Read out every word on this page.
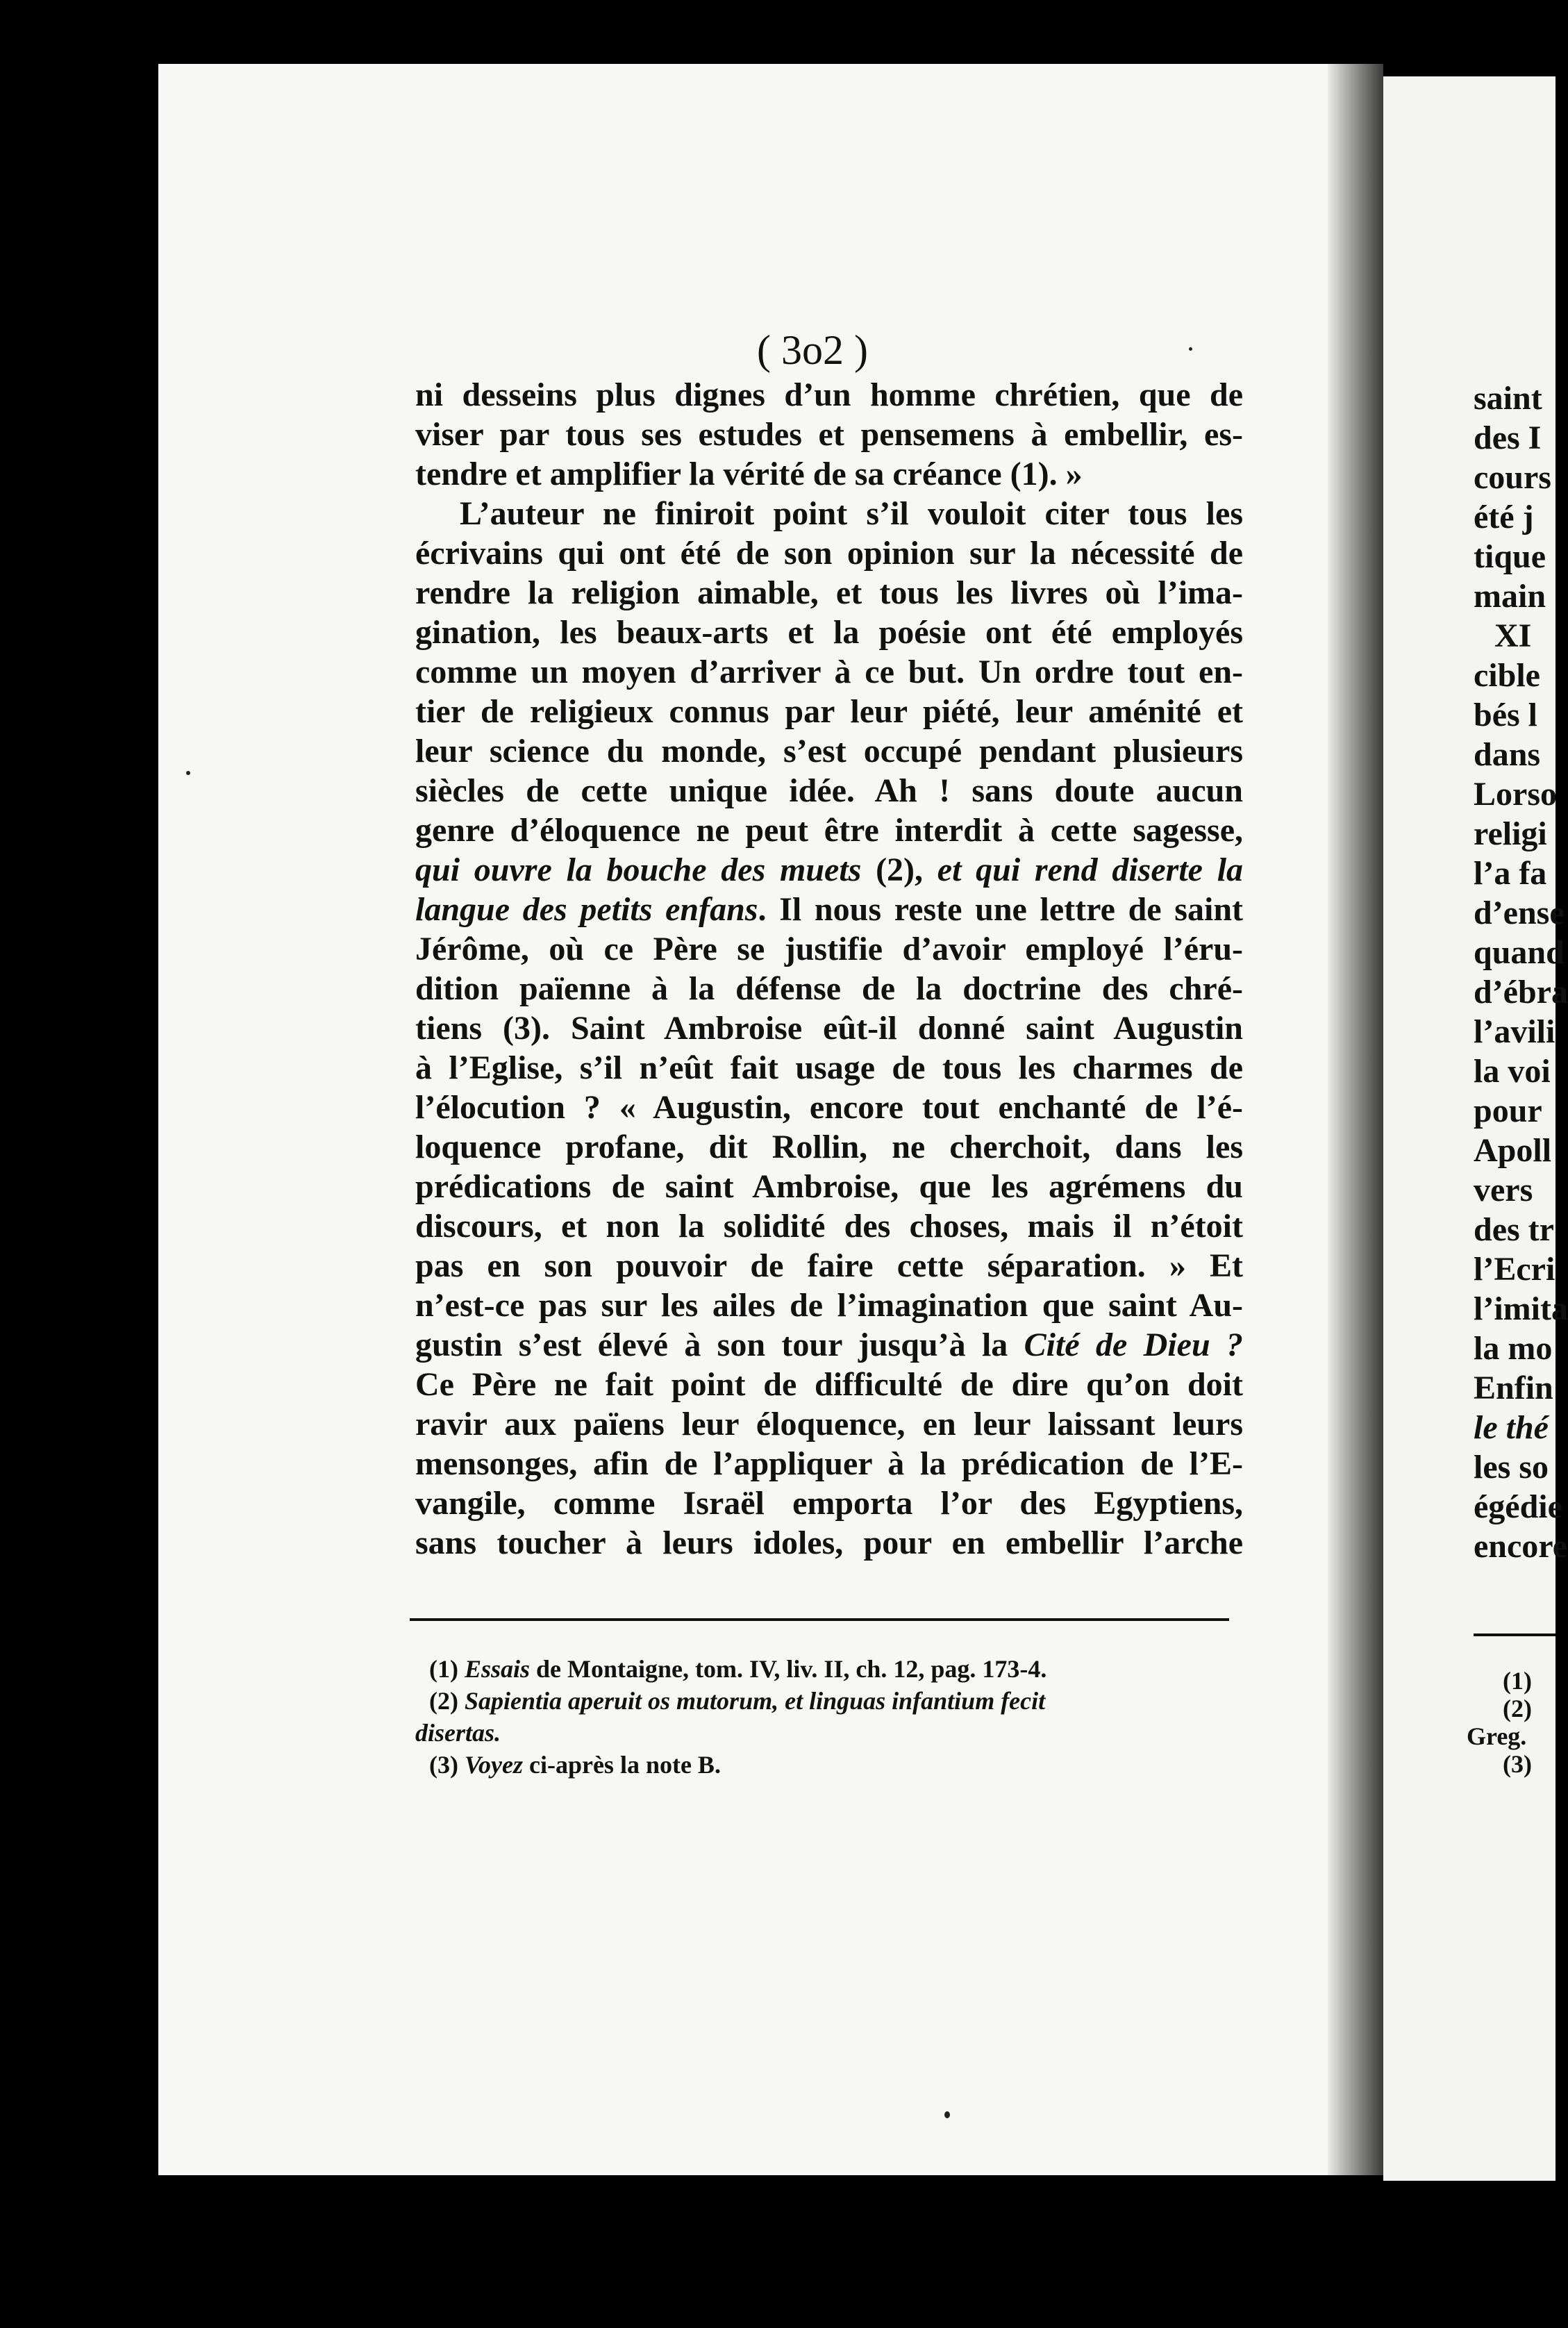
( 3o2 )
ni desseins plus dignes d’un homme chrétien, que de
viser par tous ses estudes et pensemens à embellir, es-
tendre et amplifier la vérité de sa créance (1). »
L’auteur ne finiroit point s’il vouloit citer tous les
écrivains qui ont été de son opinion sur la nécessité de
rendre la religion aimable, et tous les livres où l’ima-
gination, les beaux-arts et la poésie ont été employés
comme un moyen d’arriver à ce but. Un ordre tout en-
tier de religieux connus par leur piété, leur aménité et
leur science du monde, s’est occupé pendant plusieurs
siècles de cette unique idée. Ah ! sans doute aucun
genre d’éloquence ne peut être interdit à cette sagesse,
qui ouvre la bouche des muets (2), et qui rend diserte la
langue des petits enfans. Il nous reste une lettre de saint
Jérôme, où ce Père se justifie d’avoir employé l’éru-
dition païenne à la défense de la doctrine des chré-
tiens (3). Saint Ambroise eût-il donné saint Augustin
à l’Eglise, s’il n’eût fait usage de tous les charmes de
l’élocution ? « Augustin, encore tout enchanté de l’é-
loquence profane, dit Rollin, ne cherchoit, dans les
prédications de saint Ambroise, que les agrémens du
discours, et non la solidité des choses, mais il n’étoit
pas en son pouvoir de faire cette séparation. » Et
n’est-ce pas sur les ailes de l’imagination que saint Au-
gustin s’est élevé à son tour jusqu’à la Cité de Dieu ?
Ce Père ne fait point de difficulté de dire qu’on doit
ravir aux païens leur éloquence, en leur laissant leurs
mensonges, afin de l’appliquer à la prédication de l’E-
vangile, comme Israël emporta l’or des Egyptiens,
sans toucher à leurs idoles, pour en embellir l’arche
(1) Essais de Montaigne, tom. IV, liv. II, ch. 12, pag. 173-4.
(2) Sapientia aperuit os mutorum, et linguas infantium fecit
disertas.
(3) Voyez ci-après la note B.
saint
des I
cours
été j
tique
main
XI
cible
bés l
dans
Lorso
religi
l’a fa
d’ense
quand
d’ébra
l’avili
la voi
pour
Apoll
vers
des tr
l’Ecri
l’imita
la mo
Enfin
le thé
les so
égédie
encore
(1)
(2)
Greg.
(3)
